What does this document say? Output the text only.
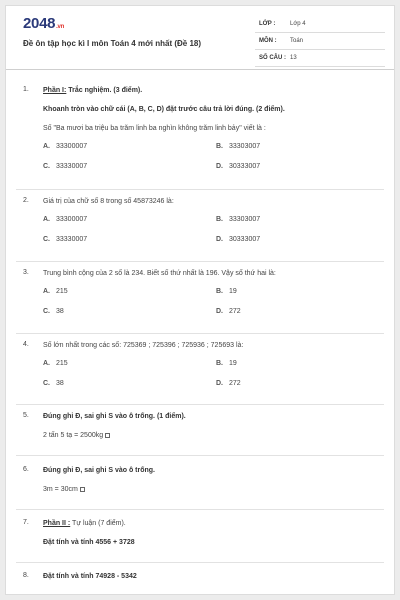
2048.vn
Đề ôn tập học kì I môn Toán 4 mới nhất (Đề 18)
LỚP : Lớp 4
MÔN : Toán
SỐ CÂU : 13
1.	Phần I: Trắc nghiệm. (3 điểm).
Khoanh tròn vào chữ cái (A, B, C, D) đặt trước câu trả lời đúng. (2 điểm).
Số "Ba mươi ba triệu ba trăm linh ba nghìn không trăm linh bảy" viết là :
A. 33300007	B. 33303007
C. 33330007	D. 30333007
2.	Giá trị của chữ số 8 trong số 45873246 là:
A. 33300007	B. 33303007
C. 33330007	D. 30333007
3.	Trung bình cộng của 2 số là 234. Biết số thứ nhất là 196. Vậy số thứ hai là:
A. 215	B. 19
C. 38	D. 272
4.	Số lớn nhất trong các số: 725369 ; 725396 ; 725936 ; 725693 là:
A. 215	B. 19
C. 38	D. 272
5.	Đúng ghi Đ, sai ghi S vào ô trống. (1 điểm).
2 tấn 5 tạ = 2500kg
6.	Đúng ghi Đ, sai ghi S vào ô trống.
3m = 30cm
7.	Phần II : Tự luận (7 điểm).
Đặt tính và tính 4556 + 3728
8.	Đặt tính và tính 74928 - 5342
